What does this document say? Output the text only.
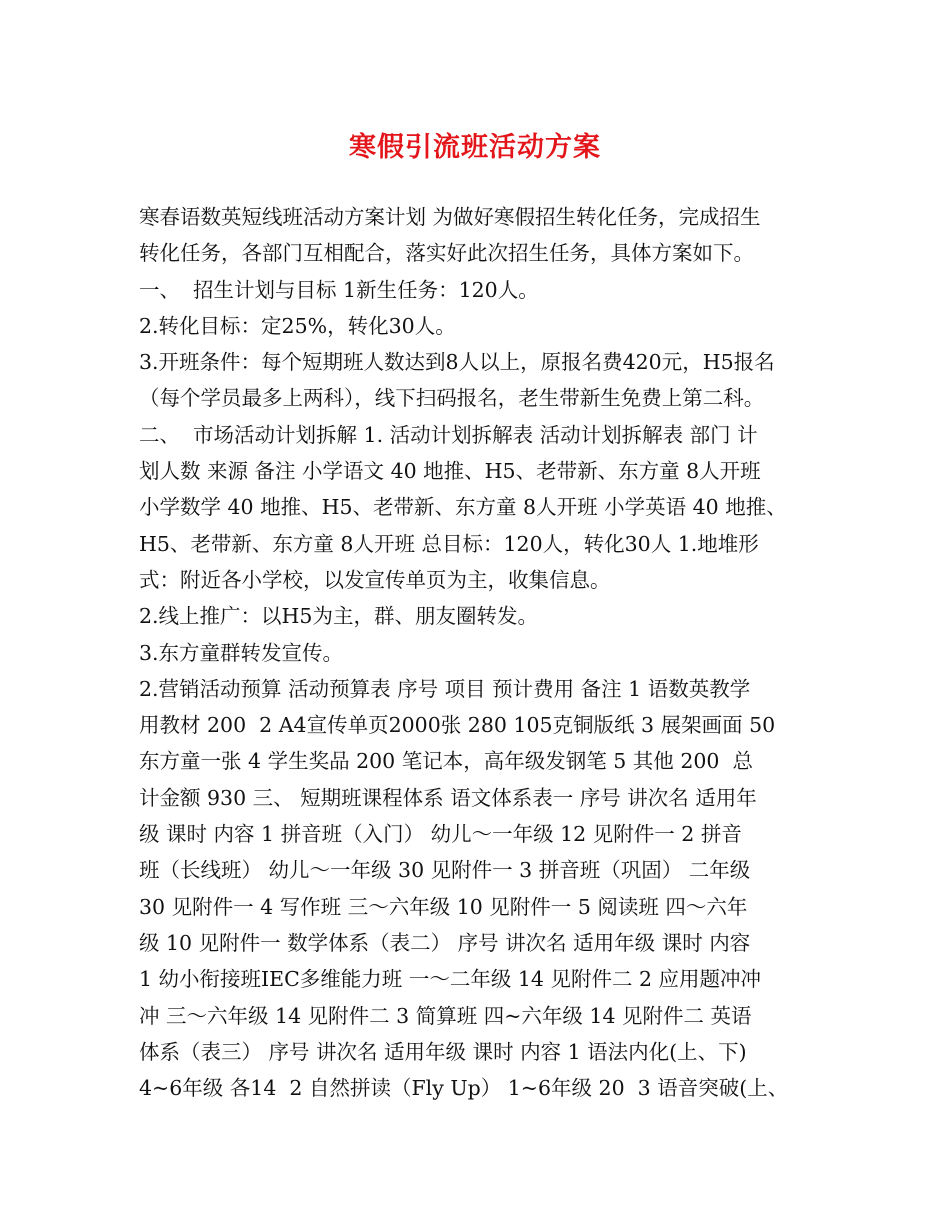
寒假引流班活动方案
寒春语数英短线班活动方案计划 为做好寒假招生转化任务，完成招生
转化任务，各部门互相配合，落实好此次招生任务，具体方案如下。
一、  招生计划与目标 1新生任务：120人。
2.转化目标：定25%，转化30人。
3.开班条件：每个短期班人数达到8人以上，原报名费420元，H5报名
（每个学员最多上两科），线下扫码报名，老生带新生免费上第二科。
二、  市场活动计划拆解 1. 活动计划拆解表 活动计划拆解表 部门 计
划人数 来源 备注 小学语文 40 地推、H5、老带新、东方童 8人开班
小学数学 40 地推、H5、老带新、东方童 8人开班 小学英语 40 地推、
H5、老带新、东方童 8人开班 总目标：120人，转化30人 1.地堆形
式：附近各小学校，以发宣传单页为主，收集信息。
2.线上推广：以H5为主，群、朋友圈转发。
3.东方童群转发宣传。
2.营销活动预算 活动预算表 序号 项目 预计费用 备注 1 语数英教学
用教材 200  2 A4宣传单页2000张 280 105克铜版纸 3 展架画面 50
东方童一张 4 学生奖品 200 笔记本，高年级发钢笔 5 其他 200  总
计金额 930 三、 短期班课程体系 语文体系表一 序号 讲次名 适用年
级 课时 内容 1 拼音班（入门） 幼儿～一年级 12 见附件一 2 拼音
班（长线班） 幼儿～一年级 30 见附件一 3 拼音班（巩固） 二年级
30 见附件一 4 写作班 三～六年级 10 见附件一 5 阅读班 四～六年
级 10 见附件一 数学体系（表二） 序号 讲次名 适用年级 课时 内容
1 幼小衔接班IEC多维能力班 一～二年级 14 见附件二 2 应用题冲冲
冲 三～六年级 14 见附件二 3 简算班 四~六年级 14 见附件二 英语
体系（表三） 序号 讲次名 适用年级 课时 内容 1 语法内化(上、下)
4~6年级 各14  2 自然拼读（Fly Up） 1~6年级 20  3 语音突破(上、
